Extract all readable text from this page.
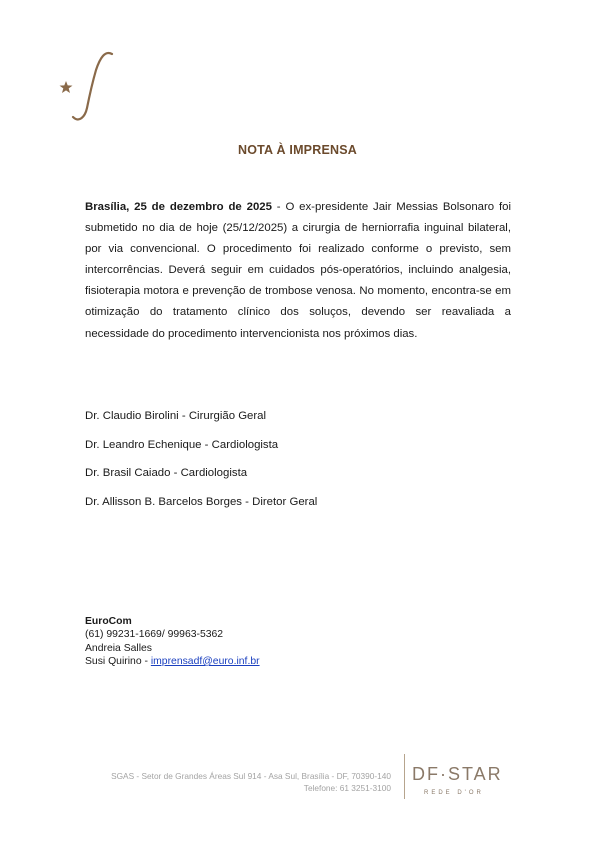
NOTA À IMPRENSA

Brasília, 25 de dezembro de 2025 - O ex-presidente Jair Messias Bolsonaro foi submetido no dia de hoje (25/12/2025) a cirurgia de herniorrafia inguinal bilateral, por via convencional. O procedimento foi realizado conforme o previsto, sem intercorrências. Deverá seguir em cuidados pós-operatórios, incluindo analgesia, fisioterapia motora e prevenção de trombose venosa. No momento, encontra-se em otimização do tratamento clínico dos soluços, devendo ser reavaliada a necessidade do procedimento intervencionista nos próximos dias.

Dr. Claudio Birolini - Cirurgião Geral

Dr. Leandro Echenique - Cardiologista

Dr. Brasil Caiado - Cardiologista

Dr. Allisson B. Barcelos Borges - Diretor Geral

EuroCom
(61) 99231-1669/ 99963-5362
Andreia Salles
Susi Quirino - imprensadf@euro.inf.br
SGAS - Setor de Grandes Áreas Sul 914 - Asa Sul, Brasília - DF, 70390-140
Telefone: 61 3251-3100
DF·STAR
REDE D'OR
